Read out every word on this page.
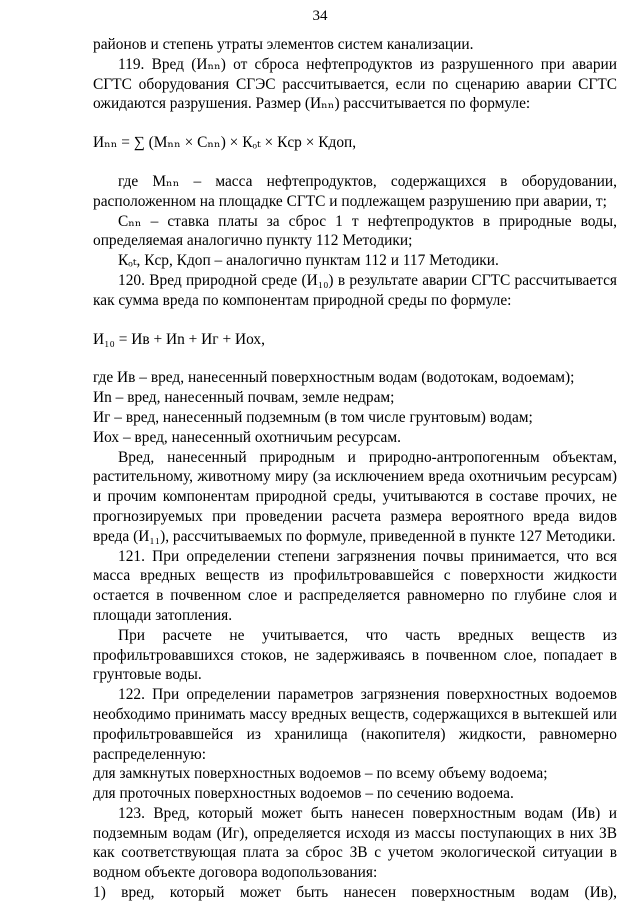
34

районов и степень утраты элементов систем канализации.

119. Вред (Иₙₙ) от сброса нефтепродуктов из разрушенного при аварии СГТС оборудования СГЭС рассчитывается, если по сценарию аварии СГТС ожидаются разрушения. Размер (Иₙₙ) рассчитывается по формуле:

Иₙₙ = ∑ (Мₙₙ × Сₙₙ) × Кₒₜ × Кcр × Кдоп,

где Мₙₙ – масса нефтепродуктов, содержащихся в оборудовании, расположенном на площадке СГТС и подлежащем разрушению при аварии, т;

Сₙₙ – ставка платы за сброс 1 т нефтепродуктов в природные воды, определяемая аналогично пункту 112 Методики;

Кₒₜ, Кcр, Кдоп – аналогично пунктам 112 и 117 Методики.

120. Вред природной среде (И₁₀) в результате аварии СГТС рассчитывается как сумма вреда по компонентам природной среды по формуле:

И₁₀ = Ив + Иn + Иг + Иох,

где Ив – вред, нанесенный поверхностным водам (водотокам, водоемам);

Иn – вред, нанесенный почвам, земле недрам;

Иг – вред, нанесенный подземным (в том числе грунтовым) водам;

Иох – вред, нанесенный охотничьим ресурсам.

Вред, нанесенный природным и природно-антропогенным объектам, растительному, животному миру (за исключением вреда охотничьим ресурсам) и прочим компонентам природной среды, учитываются в составе прочих, не прогнозируемых при проведении расчета размера вероятного вреда видов вреда (И₁₁), рассчитываемых по формуле, приведенной в пункте 127 Методики.

121. При определении степени загрязнения почвы принимается, что вся масса вредных веществ из профильтровавшейся с поверхности жидкости остается в почвенном слое и распределяется равномерно по глубине слоя и площади затопления.

При расчете не учитывается, что часть вредных веществ из профильтровавшихся стоков, не задерживаясь в почвенном слое, попадает в грунтовые воды.

122. При определении параметров загрязнения поверхностных водоемов необходимо принимать массу вредных веществ, содержащихся в вытекшей или профильтровавшейся из хранилища (накопителя) жидкости, равномерно распределенную:

для замкнутых поверхностных водоемов – по всему объему водоема;

для проточных поверхностных водоемов – по сечению водоема.

123. Вред, который может быть нанесен поверхностным водам (Ив) и подземным водам (Иг), определяется исходя из массы поступающих в них ЗВ как соответствующая плата за сброс ЗВ с учетом экологической ситуации в водном объекте договора водопользования:

1) вред, который может быть нанесен поверхностным водам (Ив),
